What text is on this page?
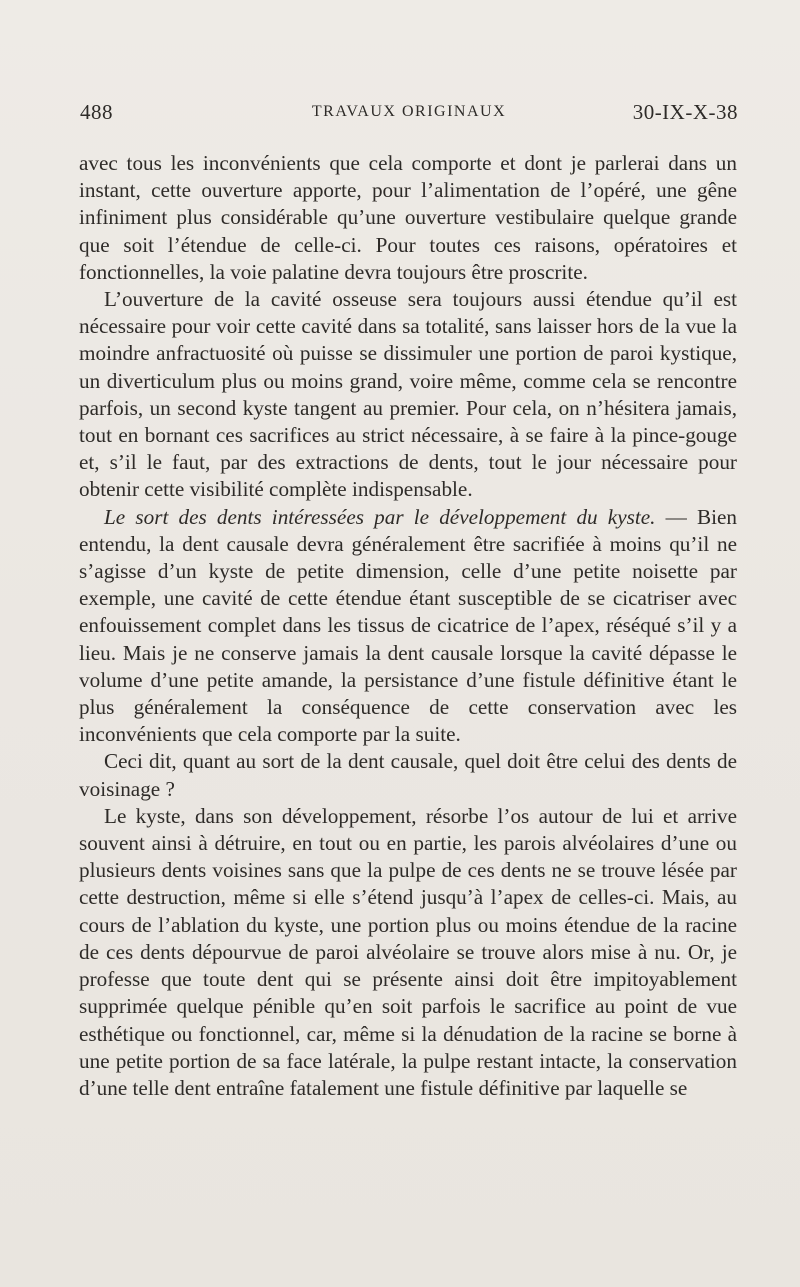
488	TRAVAUX ORIGINAUX	30-IX-X-38

avec tous les inconvénients que cela comporte et dont je parlerai dans un instant, cette ouverture apporte, pour l’alimentation de l’opéré, une gêne infiniment plus considérable qu’une ouverture vestibulaire quelque grande que soit l’étendue de celle-ci. Pour toutes ces raisons, opératoires et fonctionnelles, la voie palatine devra toujours être proscrite.

L’ouverture de la cavité osseuse sera toujours aussi étendue qu’il est nécessaire pour voir cette cavité dans sa totalité, sans laisser hors de la vue la moindre anfractuosité où puisse se dissimuler une portion de paroi kystique, un diverticulum plus ou moins grand, voire même, comme cela se rencontre parfois, un second kyste tangent au premier. Pour cela, on n’hésitera jamais, tout en bornant ces sacrifices au strict nécessaire, à se faire à la pince-gouge et, s’il le faut, par des extractions de dents, tout le jour nécessaire pour obtenir cette visibilité complète indispensable.

Le sort des dents intéressées par le développement du kyste. — Bien entendu, la dent causale devra généralement être sacrifiée à moins qu’il ne s’agisse d’un kyste de petite dimension, celle d’une petite noisette par exemple, une cavité de cette étendue étant susceptible de se cicatriser avec enfouissement complet dans les tissus de cicatrice de l’apex, réséqué s’il y a lieu. Mais je ne conserve jamais la dent causale lorsque la cavité dépasse le volume d’une petite amande, la persistance d’une fistule définitive étant le plus généralement la conséquence de cette conservation avec les inconvénients que cela comporte par la suite.

Ceci dit, quant au sort de la dent causale, quel doit être celui des dents de voisinage ?

Le kyste, dans son développement, résorbe l’os autour de lui et arrive souvent ainsi à détruire, en tout ou en partie, les parois alvéolaires d’une ou plusieurs dents voisines sans que la pulpe de ces dents ne se trouve lésée par cette destruction, même si elle s’étend jusqu’à l’apex de celles-ci. Mais, au cours de l’ablation du kyste, une portion plus ou moins étendue de la racine de ces dents dépourvue de paroi alvéolaire se trouve alors mise à nu. Or, je professe que toute dent qui se présente ainsi doit être impitoyablement supprimée quelque pénible qu’en soit parfois le sacrifice au point de vue esthétique ou fonctionnel, car, même si la dénudation de la racine se borne à une petite portion de sa face latérale, la pulpe restant intacte, la conservation d’une telle dent entraîne fatalement une fistule définitive par laquelle se
